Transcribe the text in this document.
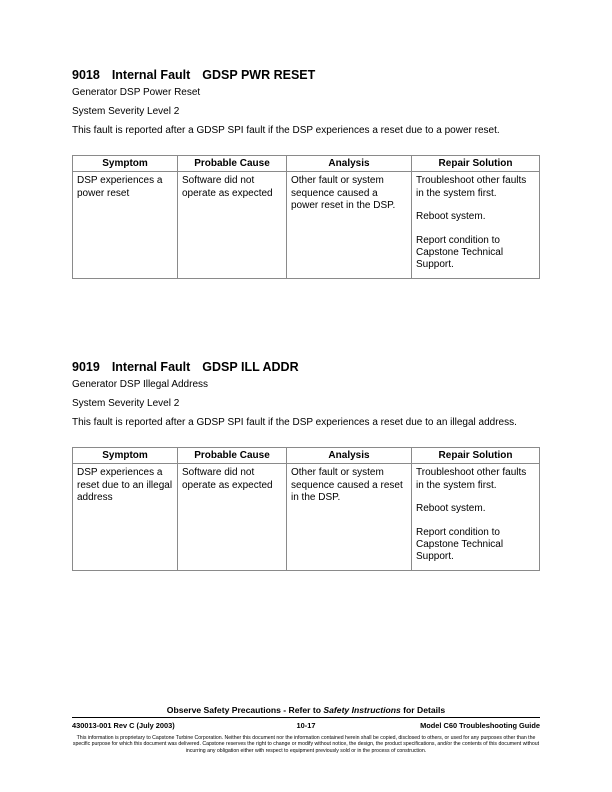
9018 Internal Fault GDSP PWR RESET

Generator DSP Power Reset

System Severity Level 2

This fault is reported after a GDSP SPI fault if the DSP experiences a reset due to a power reset.

Symptom	Probable Cause	Analysis	Repair Solution
DSP experiences a power reset	Software did not operate as expected	Other fault or system sequence caused a power reset in the DSP.	Troubleshoot other faults in the system first.

Reboot system.

Report condition to Capstone Technical Support.

9019 Internal Fault GDSP ILL ADDR

Generator DSP Illegal Address

System Severity Level 2

This fault is reported after a GDSP SPI fault if the DSP experiences a reset due to an illegal address.

Symptom	Probable Cause	Analysis	Repair Solution
DSP experiences a reset due to an illegal address	Software did not operate as expected	Other fault or system sequence caused a reset in the DSP.	Troubleshoot other faults in the system first.

Reboot system.

Report condition to Capstone Technical Support.

Observe Safety Precautions - Refer to Safety Instructions for Details
430013-001 Rev C (July 2003)	10-17	Model C60 Troubleshooting Guide
This information is proprietary to Capstone Turbine Corporation. Neither this document nor the information contained herein shall be copied, disclosed to others, or used for any purposes other than the specific purpose for which this document was delivered. Capstone reserves the right to change or modify without notice, the design, the product specifications, and/or the contents of this document without incurring any obligation either with respect to equipment previously sold or in the process of construction.
